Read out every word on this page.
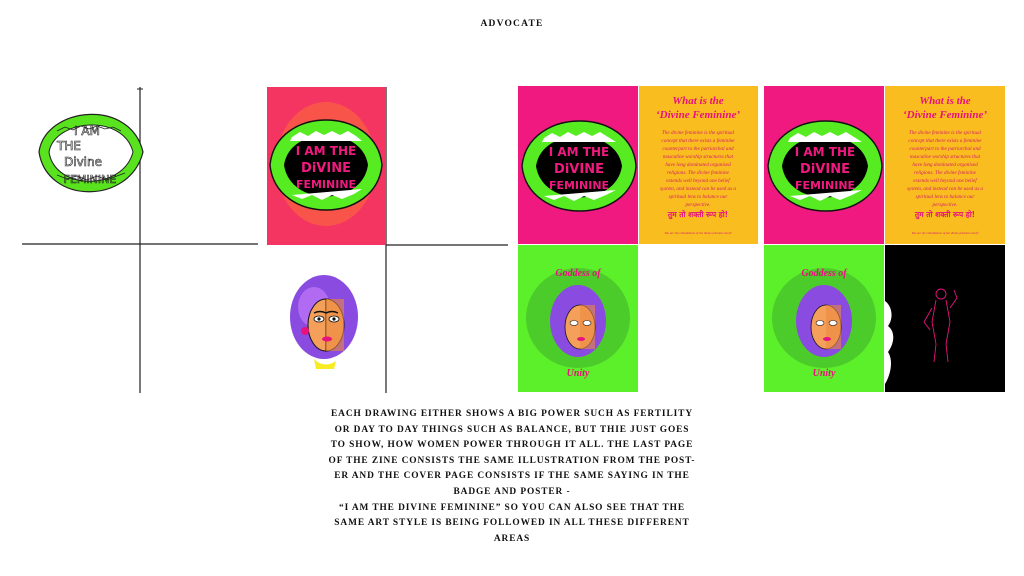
ADVOCATE
I AM
THE
Divine
FEMININE
I AM THE
DiVINE
FEMININE
I AM THE
DiVINE
FEMININE
What is the
‘Divine Feminine’
The divine feminine is the spiritual
concept that there exists a feminine
counterpart to the patriarchal and
masculine worship structures that
have long dominated organised
religions. The divine feminine
extends well beyond one belief
system, and instead can be used as a
spiritual lens to balance our
perspective.
तुम तो शक्ती रूप हो!
You are the embodiment of the divine feminine itself!
Goddess of
Unity
I AM THE
DiVINE
FEMININE
What is the
‘Divine Feminine’
The divine feminine is the spiritual
concept that there exists a feminine
counterpart to the patriarchal and
masculine worship structures that
have long dominated organised
religions. The divine feminine
extends well beyond one belief
system, and instead can be used as a
spiritual lens to balance our
perspective.
तुम तो शक्ती रूप हो!
You are the embodiment of the divine feminine itself!
Goddess of
Unity
EACH DRAWING EITHER SHOWS A BIG POWER SUCH AS FERTILITY
OR DAY TO DAY THINGS SUCH AS BALANCE, BUT THIE JUST GOES
TO SHOW, HOW WOMEN POWER THROUGH IT ALL. THE LAST PAGE
OF THE ZINE CONSISTS THE SAME ILLUSTRATION FROM THE POST-
ER AND THE COVER PAGE CONSISTS IF THE SAME SAYING IN THE
BADGE AND POSTER -
“I AM THE DIVINE FEMININE” SO YOU CAN ALSO SEE THAT THE
SAME ART STYLE IS BEING FOLLOWED IN ALL THESE DIFFERENT
AREAS
